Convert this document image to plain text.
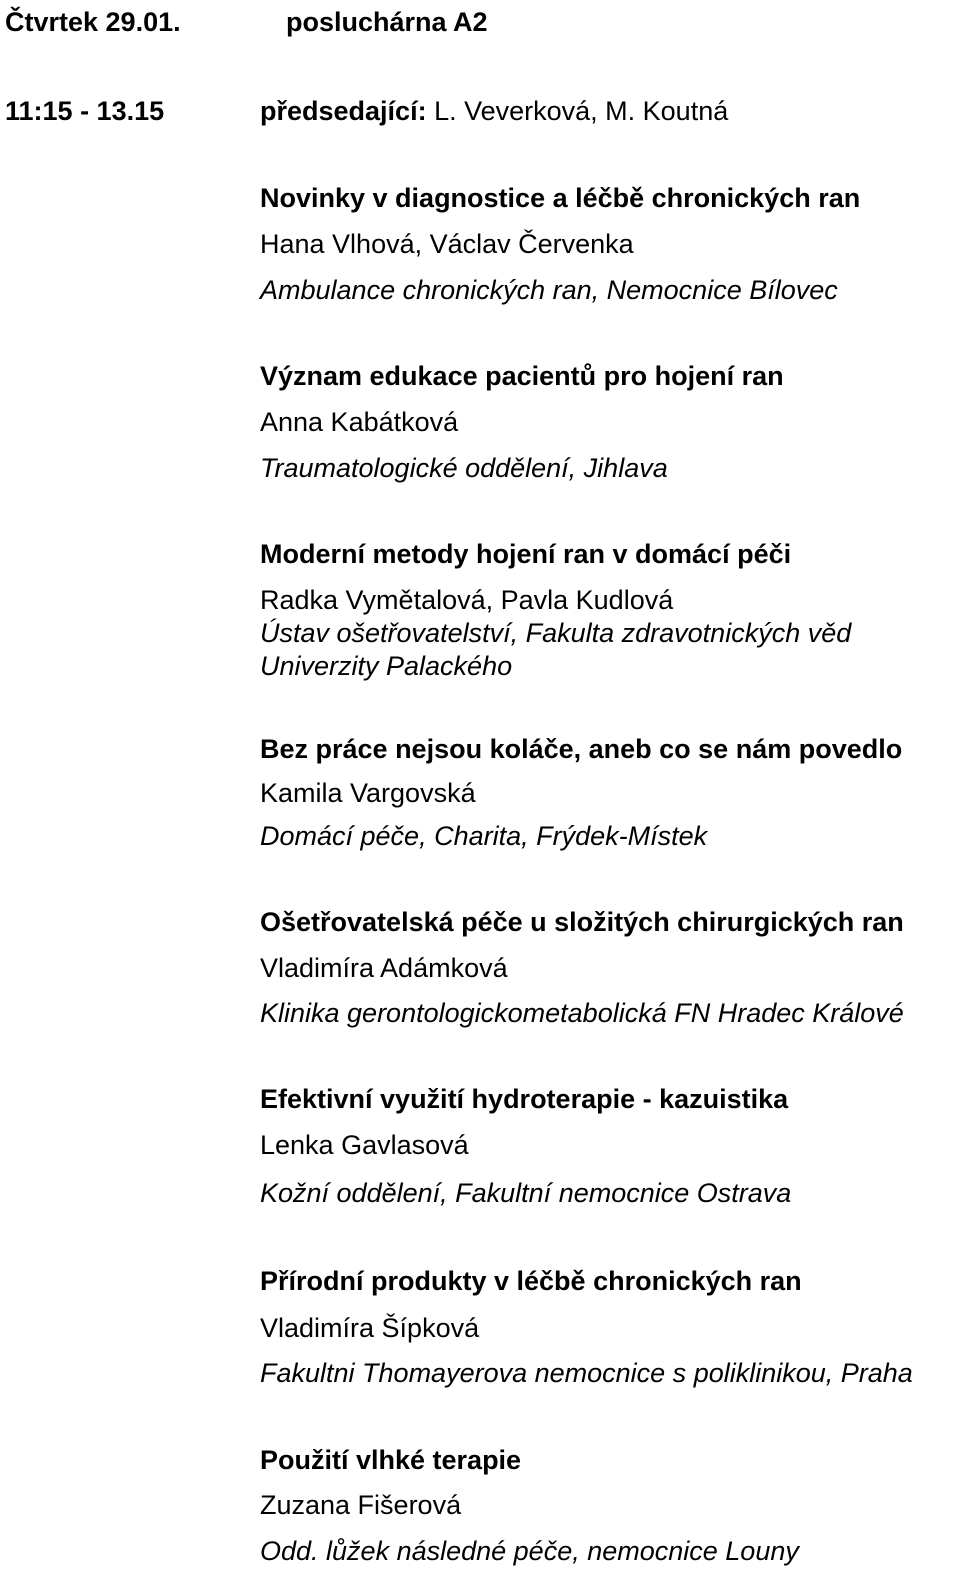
Čtvrtek 29.01.	posluchárna A2
11:15 - 13.15	předsedající: L. Veverková, M. Koutná
Novinky v diagnostice a léčbě chronických ran
Hana Vlhová, Václav Červenka
Ambulance chronických ran, Nemocnice Bílovec
Význam edukace pacientů pro hojení ran
Anna Kabátková
Traumatologické oddělení, Jihlava
Moderní metody hojení ran v domácí péči
Radka Vymětalová, Pavla Kudlová
Ústav ošetřovatelství, Fakulta zdravotnických věd
Univerzity Palackého
Bez práce nejsou koláče, aneb co se nám povedlo
Kamila Vargovská
Domácí péče, Charita, Frýdek-Místek
Ošetřovatelská péče u složitých chirurgických ran
Vladimíra Adámková
Klinika gerontologickometabolická FN Hradec Králové
Efektivní využití hydroterapie - kazuistika
Lenka Gavlasová
Kožní oddělení, Fakultní nemocnice Ostrava
Přírodní produkty v léčbě chronických ran
Vladimíra Šípková
Fakultni Thomayerova nemocnice s poliklinikou, Praha
Použití vlhké terapie
Zuzana Fišerová
Odd. lůžek následné péče, nemocnice Louny
